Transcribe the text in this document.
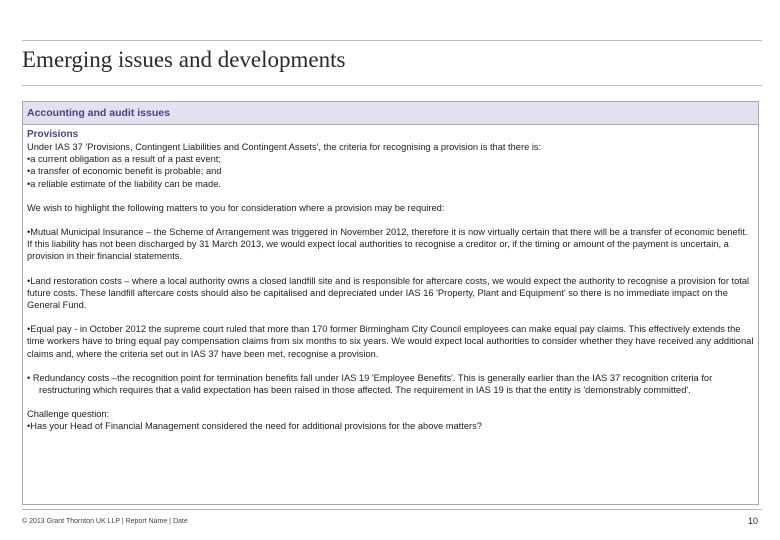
Emerging issues and developments
Accounting and audit issues

Provisions

Under IAS 37 'Provisions, Contingent Liabilities and Contingent Assets', the criteria for recognising a provision is that there is:

•a current obligation as a result of a past event;

•a transfer of economic benefit is probable; and

•a reliable estimate of the liability can be made.

We wish to highlight the following matters to you for consideration where a provision may be required:

•Mutual Municipal Insurance – the Scheme of Arrangement was triggered in November 2012, therefore it is now virtually certain that there will be a transfer of economic benefit. If this liability has not been discharged by 31 March 2013, we would expect local authorities to recognise a creditor or, if the timing or amount of the payment is uncertain, a provision in their financial statements.

•Land restoration costs – where a local authority owns a closed landfill site and is responsible for aftercare costs, we would expect the authority to recognise a provision for total future costs. These landfill aftercare costs should also be capitalised and depreciated under IAS 16 'Property, Plant and Equipment' so there is no immediate impact on the General Fund.

•Equal pay - in October 2012 the supreme court ruled that more than 170 former Birmingham City Council employees can make equal pay claims. This effectively extends the time workers have to bring equal pay compensation claims from six months to six years. We would expect local authorities to consider whether they have received any additional claims and, where the criteria set out in IAS 37 have been met, recognise a provision.

• Redundancy costs –the recognition point for termination benefits fall under IAS 19 'Employee Benefits'. This is generally earlier than the IAS 37 recognition criteria for restructuring which requires that a valid expectation has been raised in those affected. The requirement in IAS 19 is that the entity is 'demonstrably committed'.

Challenge question:

•Has your Head of Financial Management considered the need for additional provisions for the above matters?

© 2013 Grant Thornton UK LLP | Report Name | Date	10
